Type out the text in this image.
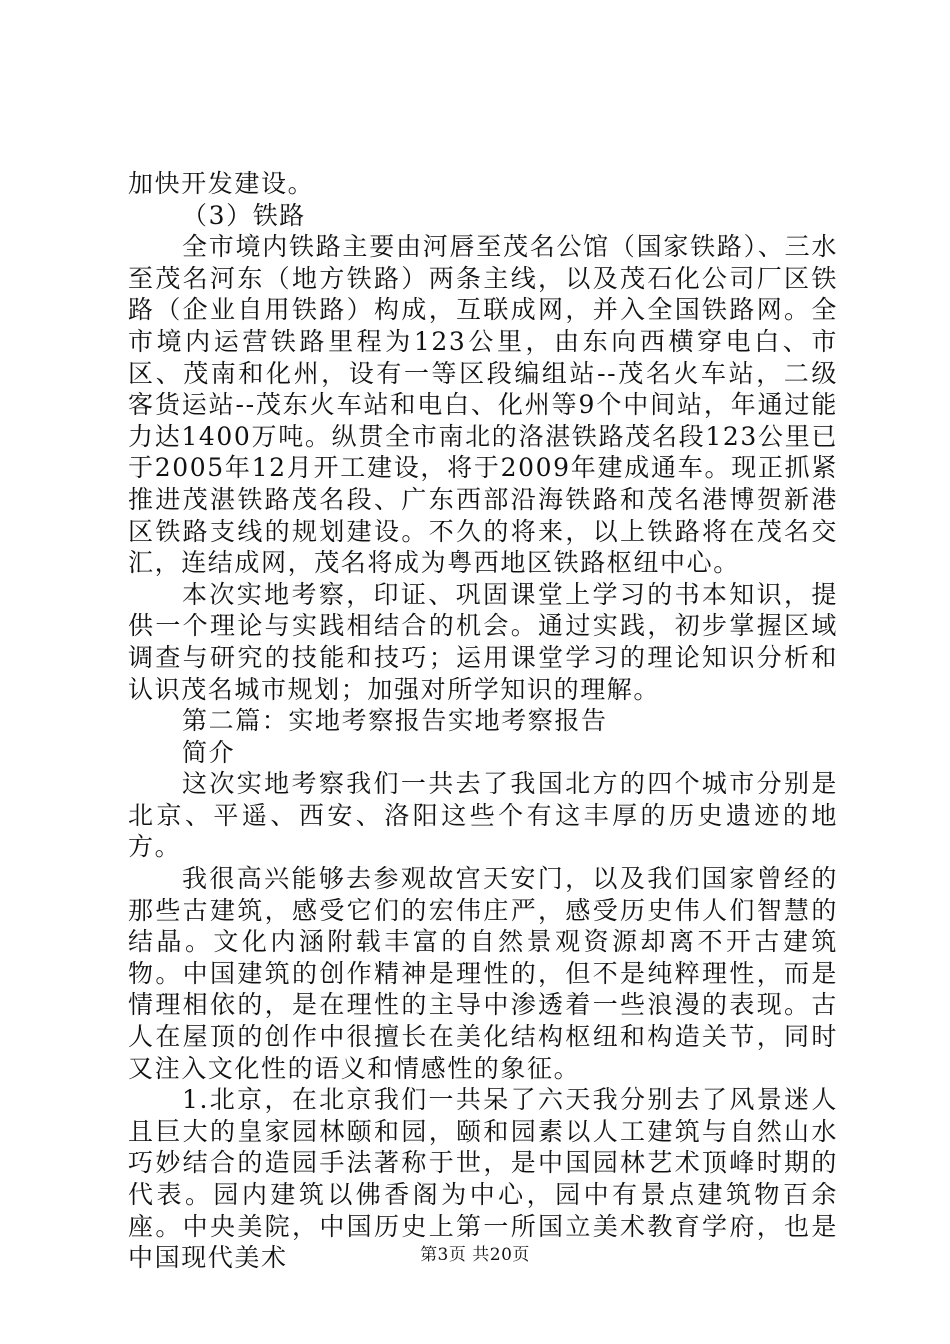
加快开发建设。

（3）铁路

全市境内铁路主要由河唇至茂名公馆（国家铁路）、三水至茂名河东（地方铁路）两条主线，以及茂石化公司厂区铁路（企业自用铁路）构成，互联成网，并入全国铁路网。全市境内运营铁路里程为123公里，由东向西横穿电白、市区、茂南和化州，设有一等区段编组站--茂名火车站，二级客货运站--茂东火车站和电白、化州等9个中间站，年通过能力达1400万吨。纵贯全市南北的洛湛铁路茂名段123公里已于2005年12月开工建设，将于2009年建成通车。现正抓紧推进茂湛铁路茂名段、广东西部沿海铁路和茂名港博贺新港区铁路支线的规划建设。不久的将来，以上铁路将在茂名交汇，连结成网，茂名将成为粤西地区铁路枢纽中心。

本次实地考察，印证、巩固课堂上学习的书本知识，提供一个理论与实践相结合的机会。通过实践，初步掌握区域调查与研究的技能和技巧；运用课堂学习的理论知识分析和认识茂名城市规划；加强对所学知识的理解。

第二篇：实地考察报告实地考察报告

简介

这次实地考察我们一共去了我国北方的四个城市分别是北京、平遥、西安、洛阳这些个有这丰厚的历史遗迹的地方。

我很高兴能够去参观故宫天安门，以及我们国家曾经的那些古建筑，感受它们的宏伟庄严，感受历史伟人们智慧的结晶。文化内涵附载丰富的自然景观资源却离不开古建筑物。中国建筑的创作精神是理性的，但不是纯粹理性，而是情理相依的，是在理性的主导中渗透着一些浪漫的表现。古人在屋顶的创作中很擅长在美化结构枢纽和构造关节，同时又注入文化性的语义和情感性的象征。

1.北京，在北京我们一共呆了六天我分别去了风景迷人且巨大的皇家园林颐和园，颐和园素以人工建筑与自然山水巧妙结合的造园手法著称于世，是中国园林艺术顶峰时期的代表。园内建筑以佛香阁为中心，园中有景点建筑物百余座。中央美院，中国历史上第一所国立美术教育学府，也是中国现代美术	第3页 共20页
